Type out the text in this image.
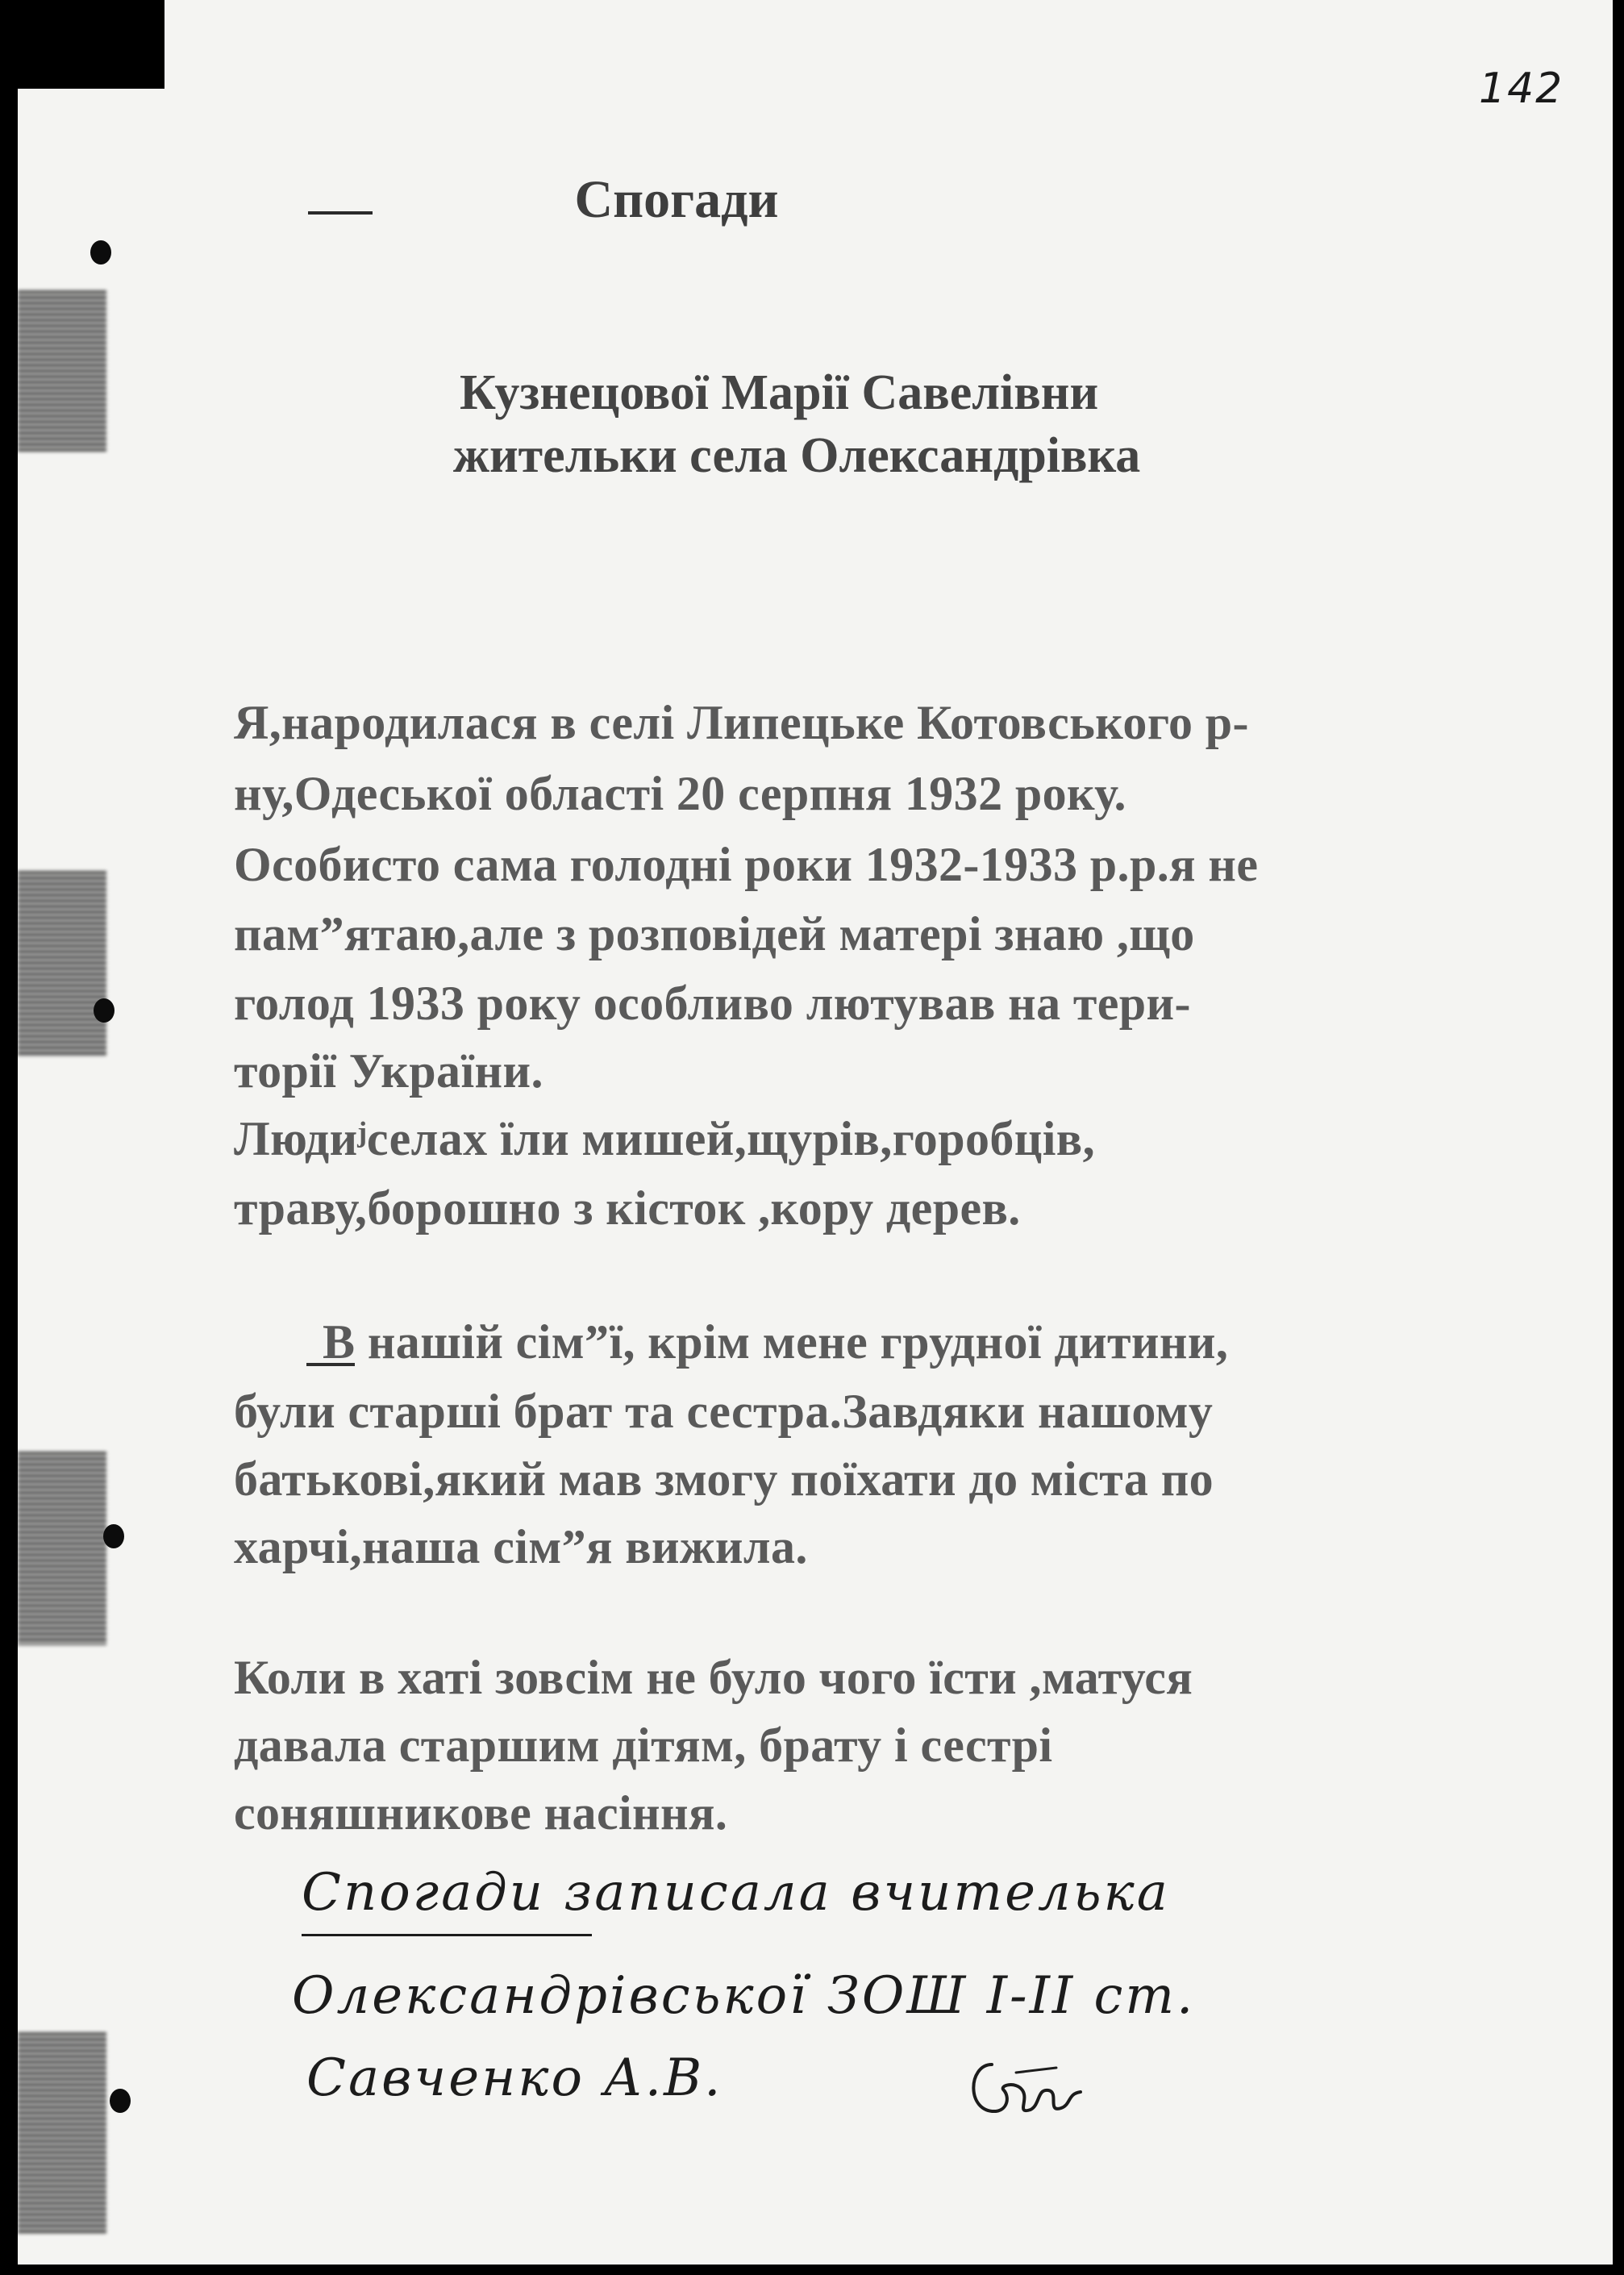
142
Спогади
Кузнецової Марії Савелівни
жительки села Олександрівка
Я,народилася в селі Липецьке Котовського р-
ну,Одеської області 20 серпня 1932 року.
Особисто сама голодні роки 1932-1933 р.р.я не
пам”ятаю,але з розповідей матері знаю ,що
голод 1933 року особливо лютував на тери-
торії України.
Людиʲселах їли мишей,щурів,горобців,
траву,борошно з кісток ,кору дерев.
В нашій сім”ї, крім мене грудної дитини,
були старші брат та сестра.Завдяки нашому
батькові,який мав змогу поїхати до міста по
харчі,наша сім”я вижила.
Коли в хаті зовсім не було чого їсти ,матуся
давала старшим дітям, брату і сестрі
соняшникове насіння.
Спогади записала вчителька
Олександрівської ЗОШ І-ІІ ст.
Савченко А.В.
